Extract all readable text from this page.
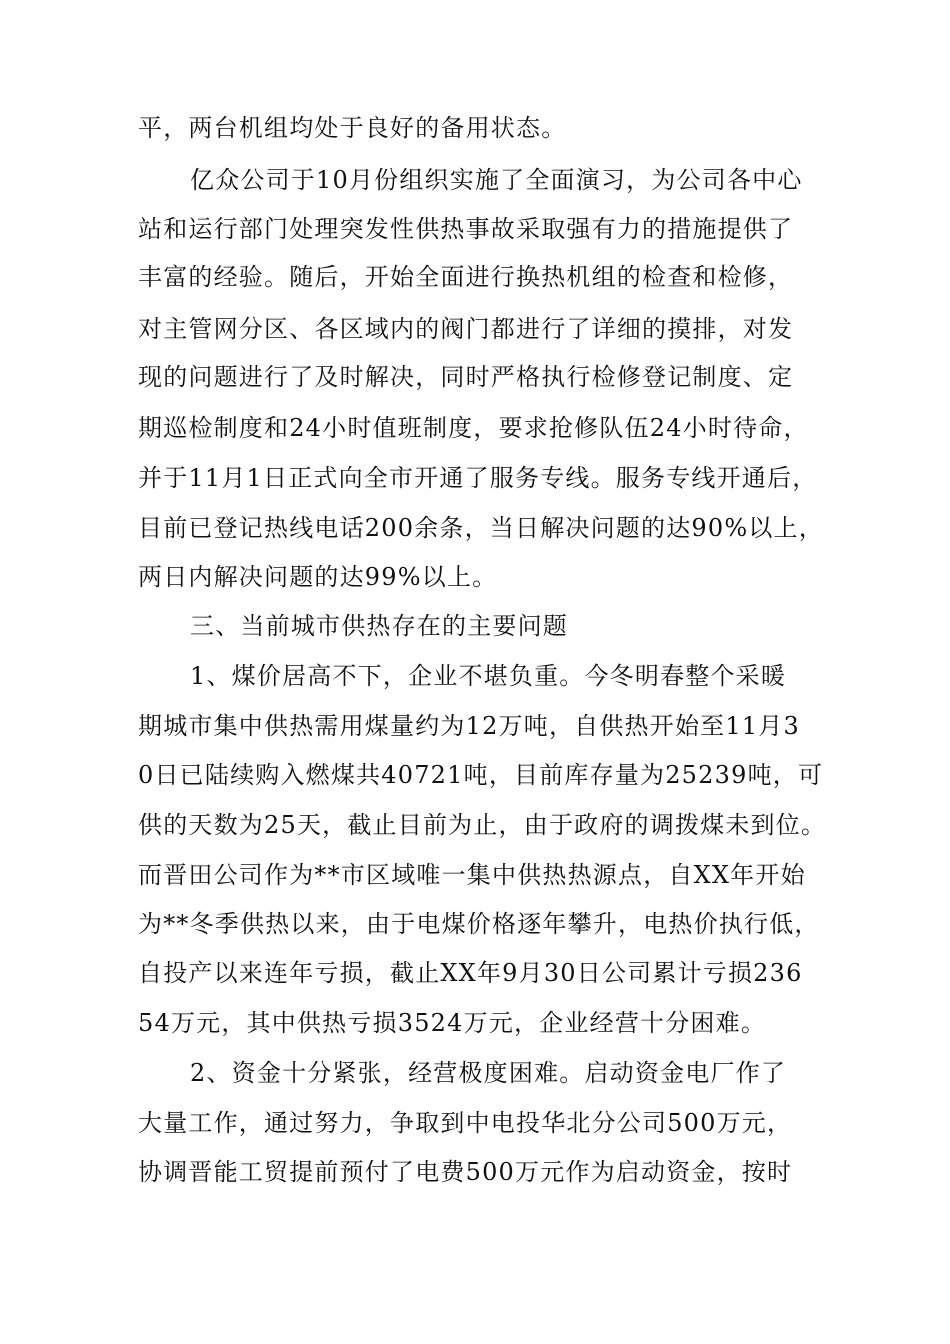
平，两台机组均处于良好的备用状态。
亿众公司于10月份组织实施了全面演习，为公司各中心
站和运行部门处理突发性供热事故采取强有力的措施提供了
丰富的经验。随后，开始全面进行换热机组的检查和检修，
对主管网分区、各区域内的阀门都进行了详细的摸排，对发
现的问题进行了及时解决，同时严格执行检修登记制度、定
期巡检制度和24小时值班制度，要求抢修队伍24小时待命，
并于11月1日正式向全市开通了服务专线。服务专线开通后，
目前已登记热线电话200余条，当日解决问题的达90%以上，
两日内解决问题的达99%以上。
三、当前城市供热存在的主要问题
1、煤价居高不下，企业不堪负重。今冬明春整个采暖
期城市集中供热需用煤量约为12万吨，自供热开始至11月3
0日已陆续购入燃煤共40721吨，目前库存量为25239吨，可
供的天数为25天，截止目前为止，由于政府的调拨煤未到位。
而晋田公司作为**市区域唯一集中供热热源点，自XX年开始
为**冬季供热以来，由于电煤价格逐年攀升，电热价执行低，
自投产以来连年亏损，截止XX年9月30日公司累计亏损236
54万元，其中供热亏损3524万元，企业经营十分困难。
2、资金十分紧张，经营极度困难。启动资金电厂作了
大量工作，通过努力，争取到中电投华北分公司500万元，
协调晋能工贸提前预付了电费500万元作为启动资金，按时
